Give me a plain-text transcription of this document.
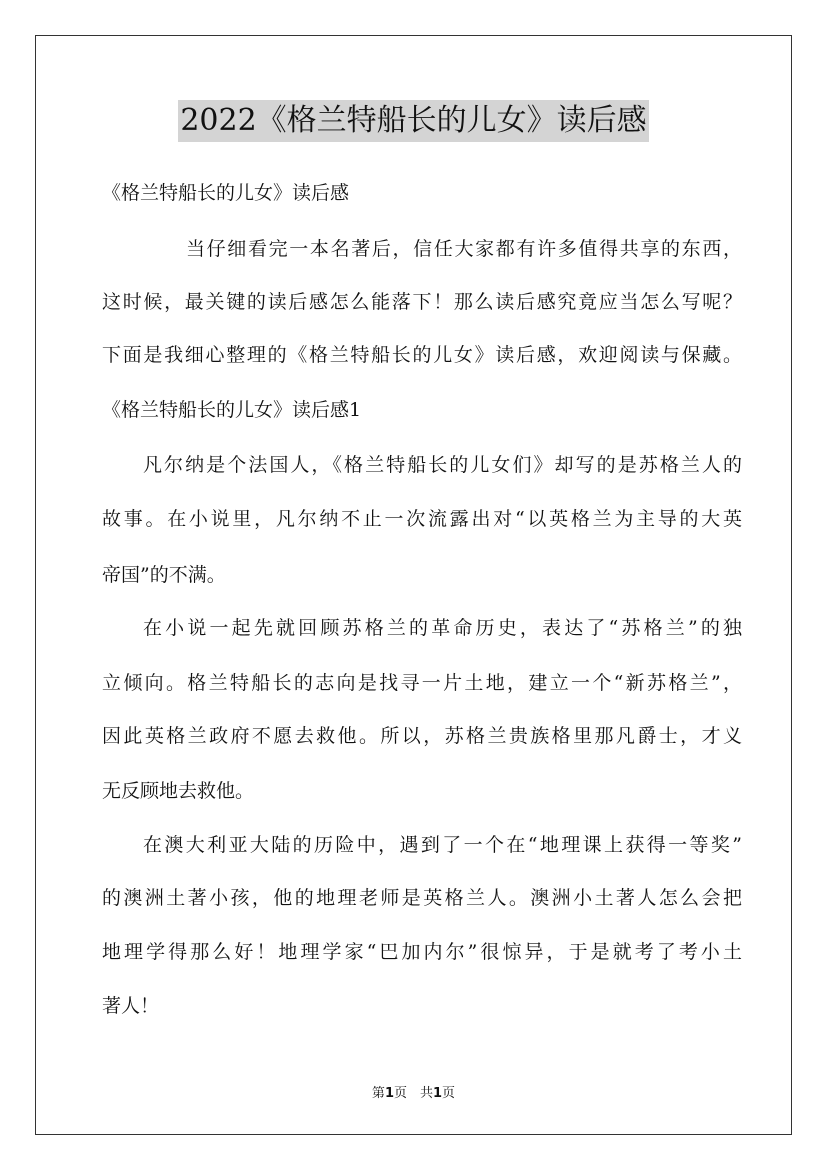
2022《格兰特船长的儿女》读后感
《格兰特船长的儿女》读后感
当仔细看完一本名著后，信任大家都有许多值得共享的东西，
这时候，最关键的读后感怎么能落下！那么读后感究竟应当怎么写呢？
下面是我细心整理的《格兰特船长的儿女》读后感，欢迎阅读与保藏。
《格兰特船长的儿女》读后感1
凡尔纳是个法国人，《格兰特船长的儿女们》却写的是苏格兰人的
故事。在小说里，凡尔纳不止一次流露出对“以英格兰为主导的大英
帝国”的不满。
在小说一起先就回顾苏格兰的革命历史，表达了“苏格兰”的独
立倾向。格兰特船长的志向是找寻一片土地，建立一个“新苏格兰”，
因此英格兰政府不愿去救他。所以，苏格兰贵族格里那凡爵士，才义
无反顾地去救他。
在澳大利亚大陆的历险中，遇到了一个在“地理课上获得一等奖”
的澳洲土著小孩，他的地理老师是英格兰人。澳洲小土著人怎么会把
地理学得那么好！地理学家“巴加内尔”很惊异，于是就考了考小土
著人！
第1页　共1页
